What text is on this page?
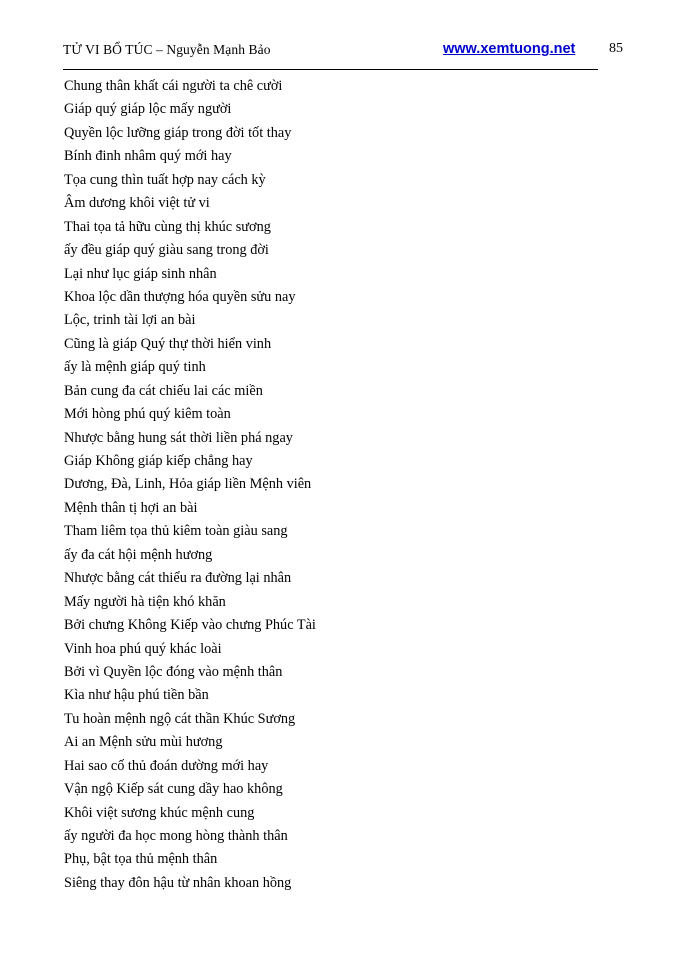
TỬ VI BỔ TÚC – Nguyễn Mạnh Bảo	www.xemtuong.net 85
Chung thân khất cái người ta chê cười
Giáp quý giáp lộc mấy người
Quyền lộc lưỡng giáp trong đời tốt thay
Bính đinh nhâm quý mới hay
Tọa cung thìn tuất hợp nay cách kỳ
Âm dương khôi việt tử vi
Thai tọa tả hữu cùng thị khúc sương
ấy đều giáp quý giàu sang trong đời
Lại như lục giáp sinh nhân
Khoa lộc dần thượng hóa quyền sửu nay
Lộc, trinh tài lợi an bài
Cũng là giáp Quý thự thời hiển vinh
ấy là mệnh giáp quý tinh
Bản cung đa cát chiếu lai các miền
Mới hòng phú quý kiêm toàn
Nhược bằng hung sát thời liền phá ngay
Giáp Không giáp kiếp chẳng hay
Dương, Đà, Linh, Hỏa giáp liền Mệnh viên
Mệnh thân tị hợi an bài
Tham liêm tọa thủ kiêm toàn giàu sang
ấy đa cát hội mệnh hương
Nhược bằng cát thiểu ra đường lại nhân
Mấy người hà tiện khó khăn
Bởi chưng Không Kiếp vào chưng Phúc Tài
Vinh hoa phú quý khác loài
Bởi vì Quyền lộc đóng vào mệnh thân
Kìa như hậu phú tiền bần
Tu hoàn mệnh ngộ cát thần Khúc Sương
Ai an Mệnh sửu mùi hương
Hai sao cố thủ đoán dường mới hay
Vận ngộ Kiếp sát cung dầy hao không
Khôi việt sương khúc mệnh cung
ấy người đa học mong hòng thành thân
Phụ, bật tọa thủ mệnh thân
Siêng thay đôn hậu từ nhân khoan hồng
